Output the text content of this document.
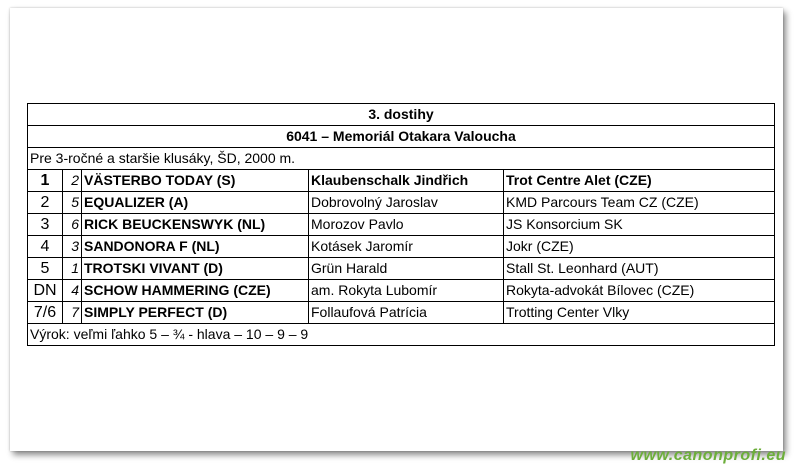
3. dostihy				
6041 – Memoriál Otakara Valoucha				
Pre 3-ročné a staršie klusáky, ŠD, 2000 m.				
1	2	VÄSTERBO TODAY (S)	Klaubenschalk Jindřich	Trot Centre Alet (CZE)
2	5	EQUALIZER (A)	Dobrovolný Jaroslav	KMD Parcours Team CZ (CZE)
3	6	RICK BEUCKENSWYK (NL)	Morozov Pavlo	JS Konsorcium SK
4	3	SANDONORA F (NL)	Kotásek Jaromír	Jokr (CZE)
5	1	TROTSKI VIVANT (D)	Grün Harald	Stall St. Leonhard (AUT)
DN	4	SCHOW HAMMERING (CZE)	am. Rokyta Lubomír	Rokyta-advokát Bílovec (CZE)
7/6	7	SIMPLY PERFECT (D)	Follaufová Patrícia	Trotting Center Vlky
Výrok: veľmi ľahko 5 – ¾ - hlava – 10 – 9 – 9				
www.canonprofi.eu
